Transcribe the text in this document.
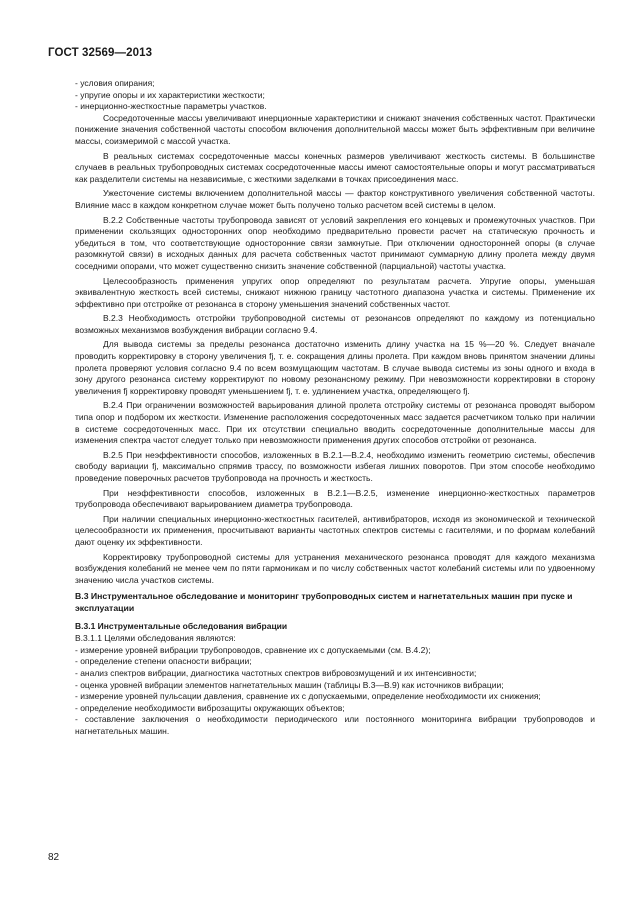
ГОСТ 32569—2013

- условия опирания;

- упругие опоры и их характеристики жесткости;

- инерционно-жесткостные параметры участков.

Сосредоточенные массы увеличивают инерционные характеристики и снижают значения собственных частот. Практически понижение значения собственной частоты способом включения дополнительной массы может быть эффективным при величине массы, соизмеримой с массой участка.

В реальных системах сосредоточенные массы конечных размеров увеличивают жесткость системы. В большинстве случаев в реальных трубопроводных системах сосредоточенные массы имеют самостоятельные опоры и могут рассматриваться как разделители системы на независимые, с жесткими заделками в точках присоединения масс.

Ужесточение системы включением дополнительной массы — фактор конструктивного увеличения собственной частоты. Влияние масс в каждом конкретном случае может быть получено только расчетом всей системы в целом.

В.2.2 Собственные частоты трубопровода зависят от условий закрепления его концевых и промежуточных участков. При применении скользящих односторонних опор необходимо предварительно провести расчет на статическую прочность и убедиться в том, что соответствующие односторонние связи замкнутые. При отключении односторонней опоры (в случае разомкнутой связи) в исходных данных для расчета собственных частот принимают суммарную длину пролета между двумя соседними опорами, что может существенно снизить значение собственной (парциальной) частоты участка.

Целесообразность применения упругих опор определяют по результатам расчета. Упругие опоры, уменьшая эквивалентную жесткость всей системы, снижают нижнюю границу частотного диапазона участка и системы. Применение их эффективно при отстройке от резонанса в сторону уменьшения значений собственных частот.

В.2.3 Необходимость отстройки трубопроводной системы от резонансов определяют по каждому из потенциально возможных механизмов возбуждения вибрации согласно 9.4.

Для вывода системы за пределы резонанса достаточно изменить длину участка на 15 %—20 %. Следует вначале проводить корректировку в сторону увеличения fj, т. е. сокращения длины пролета. При каждом вновь принятом значении длины пролета проверяют условия согласно 9.4 по всем возмущающим частотам. В случае вывода системы из зоны одного и входа в зону другого резонанса систему корректируют по новому резонансному режиму. При невозможности корректировки в сторону увеличения fj корректировку проводят уменьшением fj, т. е. удлинением участка, определяющего fj.

В.2.4 При ограничении возможностей варьирования длиной пролета отстройку системы от резонанса проводят выбором типа опор и подбором их жесткости. Изменение расположения сосредоточенных масс задается расчетчиком только при наличии в системе сосредоточенных масс. При их отсутствии специально вводить сосредоточенные дополнительные массы для изменения спектра частот следует только при невозможности применения других способов отстройки от резонанса.

В.2.5 При неэффективности способов, изложенных в В.2.1—В.2.4, необходимо изменить геометрию системы, обеспечив свободу вариации fj, максимально спрямив трассу, по возможности избегая лишних поворотов. При этом способе необходимо проведение поверочных расчетов трубопровода на прочность и жесткость.

При неэффективности способов, изложенных в В.2.1—В.2.5, изменение инерционно-жесткостных параметров трубопровода обеспечивают варьированием диаметра трубопровода.

При наличии специальных инерционно-жесткостных гасителей, антивибраторов, исходя из экономической и технической целесообразности их применения, просчитывают варианты частотных спектров системы с гасителями, и по формам колебаний дают оценку их эффективности.

Корректировку трубопроводной системы для устранения механического резонанса проводят для каждого механизма возбуждения колебаний не менее чем по пяти гармоникам и по числу собственных частот колебаний системы или по удвоенному значению числа участков системы.

В.3 Инструментальное обследование и мониторинг трубопроводных систем и нагнетательных машин при пуске и эксплуатации
В.3.1 Инструментальные обследования вибрации

В.3.1.1 Целями обследования являются:

- измерение уровней вибрации трубопроводов, сравнение их с допускаемыми (см. В.4.2);

- определение степени опасности вибрации;

- анализ спектров вибрации, диагностика частотных спектров вибровозмущений и их интенсивности;

- оценка уровней вибрации элементов нагнетательных машин (таблицы В.3—В.9) как источников вибрации;

- измерение уровней пульсации давления, сравнение их с допускаемыми, определение необходимости их снижения;

- определение необходимости виброзащиты окружающих объектов;

- составление заключения о необходимости периодического или постоянного мониторинга вибрации трубопроводов и нагнетательных машин.

82
